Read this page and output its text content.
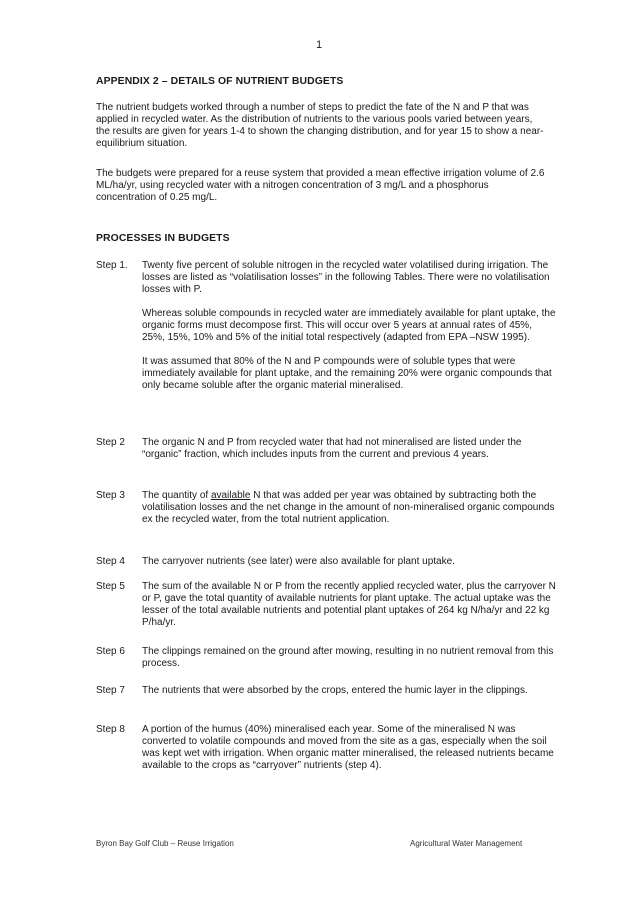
1
APPENDIX 2 – DETAILS OF NUTRIENT BUDGETS

The nutrient budgets worked through a number of steps to predict the fate of the N and P that was applied in recycled water. As the distribution of nutrients to the various pools varied between years, the results are given for years 1-4 to shown the changing distribution, and for year 15 to show a near-equilibrium situation.

The budgets were prepared for a reuse system that provided a mean effective irrigation volume of 2.6 ML/ha/yr, using recycled water with a nitrogen concentration of 3 mg/L and a phosphorus concentration of 0.25 mg/L.

PROCESSES IN BUDGETS
Step 1.	Twenty five percent of soluble nitrogen in the recycled water volatilised during irrigation. The losses are listed as “volatilisation losses” in the following Tables. There were no volatilisation losses with P.

Whereas soluble compounds in recycled water are immediately available for plant uptake, the organic forms must decompose first. This will occur over 5 years at annual rates of 45%, 25%, 15%, 10% and 5% of the initial total respectively (adapted from EPA –NSW 1995).

It was assumed that 80% of the N and P compounds were of soluble types that were immediately available for plant uptake, and the remaining 20% were organic compounds that only became soluble after the organic material mineralised.

Step 2	The organic N and P from recycled water that had not mineralised are listed under the “organic” fraction, which includes inputs from the current and previous 4 years.
Step 3	The quantity of available N that was added per year was obtained by subtracting both the volatilisation losses and the net change in the amount of non-mineralised organic compounds ex the recycled water, from the total nutrient application.
Step 4	The carryover nutrients (see later) were also available for plant uptake.
Step 5	The sum of the available N or P from the recently applied recycled water, plus the carryover N or P, gave the total quantity of available nutrients for plant uptake. The actual uptake was the lesser of the total available nutrients and potential plant uptakes of 264 kg N/ha/yr and 22 kg P/ha/yr.
Step 6	The clippings remained on the ground after mowing, resulting in no nutrient removal from this process.
Step 7	The nutrients that were absorbed by the crops, entered the humic layer in the clippings.
Step 8	A portion of the humus (40%) mineralised each year. Some of the mineralised N was converted to volatile compounds and moved from the site as a gas, especially when the soil was kept wet with irrigation. When organic matter mineralised, the released nutrients became available to the crops as “carryover” nutrients (step 4).
Byron Bay Golf Club – Reuse Irrigation	Agricultural Water Management
